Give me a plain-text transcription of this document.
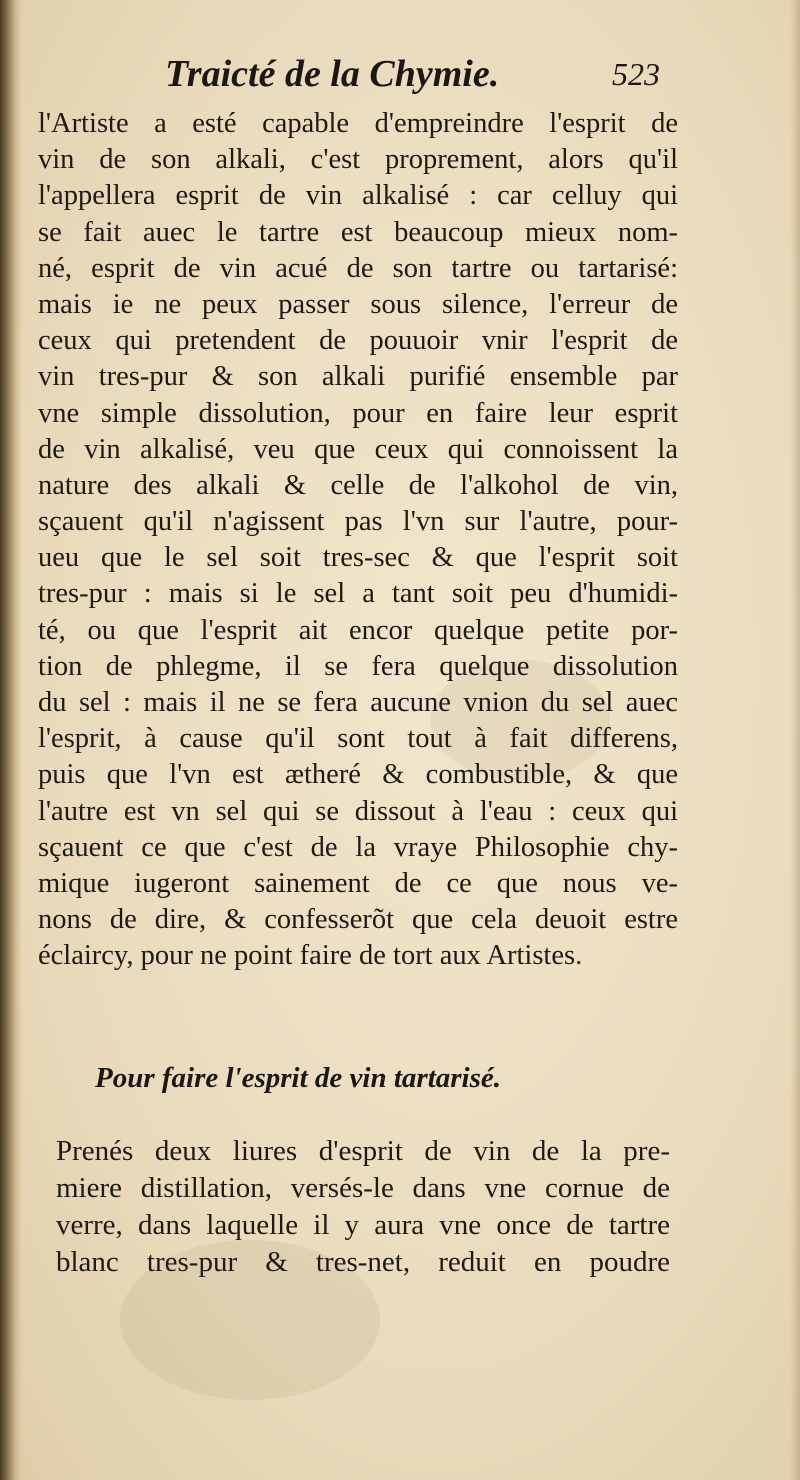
Traicté de la Chymie.	523
l'Artiste a esté capable d'empreindre l'esprit de
vin de son alkali, c'est proprement, alors qu'il
l'appellera esprit de vin alkalisé : car celluy qui
se fait auec le tartre est beaucoup mieux nom-
né, esprit de vin acué de son tartre ou tartarisé:
mais ie ne peux passer sous silence, l'erreur de
ceux qui pretendent de pouuoir vnir l'esprit de
vin tres-pur & son alkali purifié ensemble par
vne simple dissolution, pour en faire leur esprit
de vin alkalisé, veu que ceux qui connoissent la
nature des alkali & celle de l'alkohol de vin,
sçauent qu'il n'agissent pas l'vn sur l'autre, pour-
ueu que le sel soit tres-sec & que l'esprit soit
tres-pur : mais si le sel a tant soit peu d'humidi-
té, ou que l'esprit ait encor quelque petite por-
tion de phlegme, il se fera quelque dissolution
du sel : mais il ne se fera aucune vnion du sel auec
l'esprit, à cause qu'il sont tout à fait differens,
puis que l'vn est ætheré & combustible, & que
l'autre est vn sel qui se dissout à l'eau : ceux qui
sçauent ce que c'est de la vraye Philosophie chy-
mique iugeront sainement de ce que nous ve-
nons de dire, & confesserõt que cela deuoit estre
éclaircy, pour ne point faire de tort aux Artistes.
Pour faire l'esprit de vin tartarisé.
Prenés deux liures d'esprit de vin de la pre-
miere distillation, versés-le dans vne cornue de
verre, dans laquelle il y aura vne once de tartre
blanc tres-pur & tres-net, reduit en poudre
